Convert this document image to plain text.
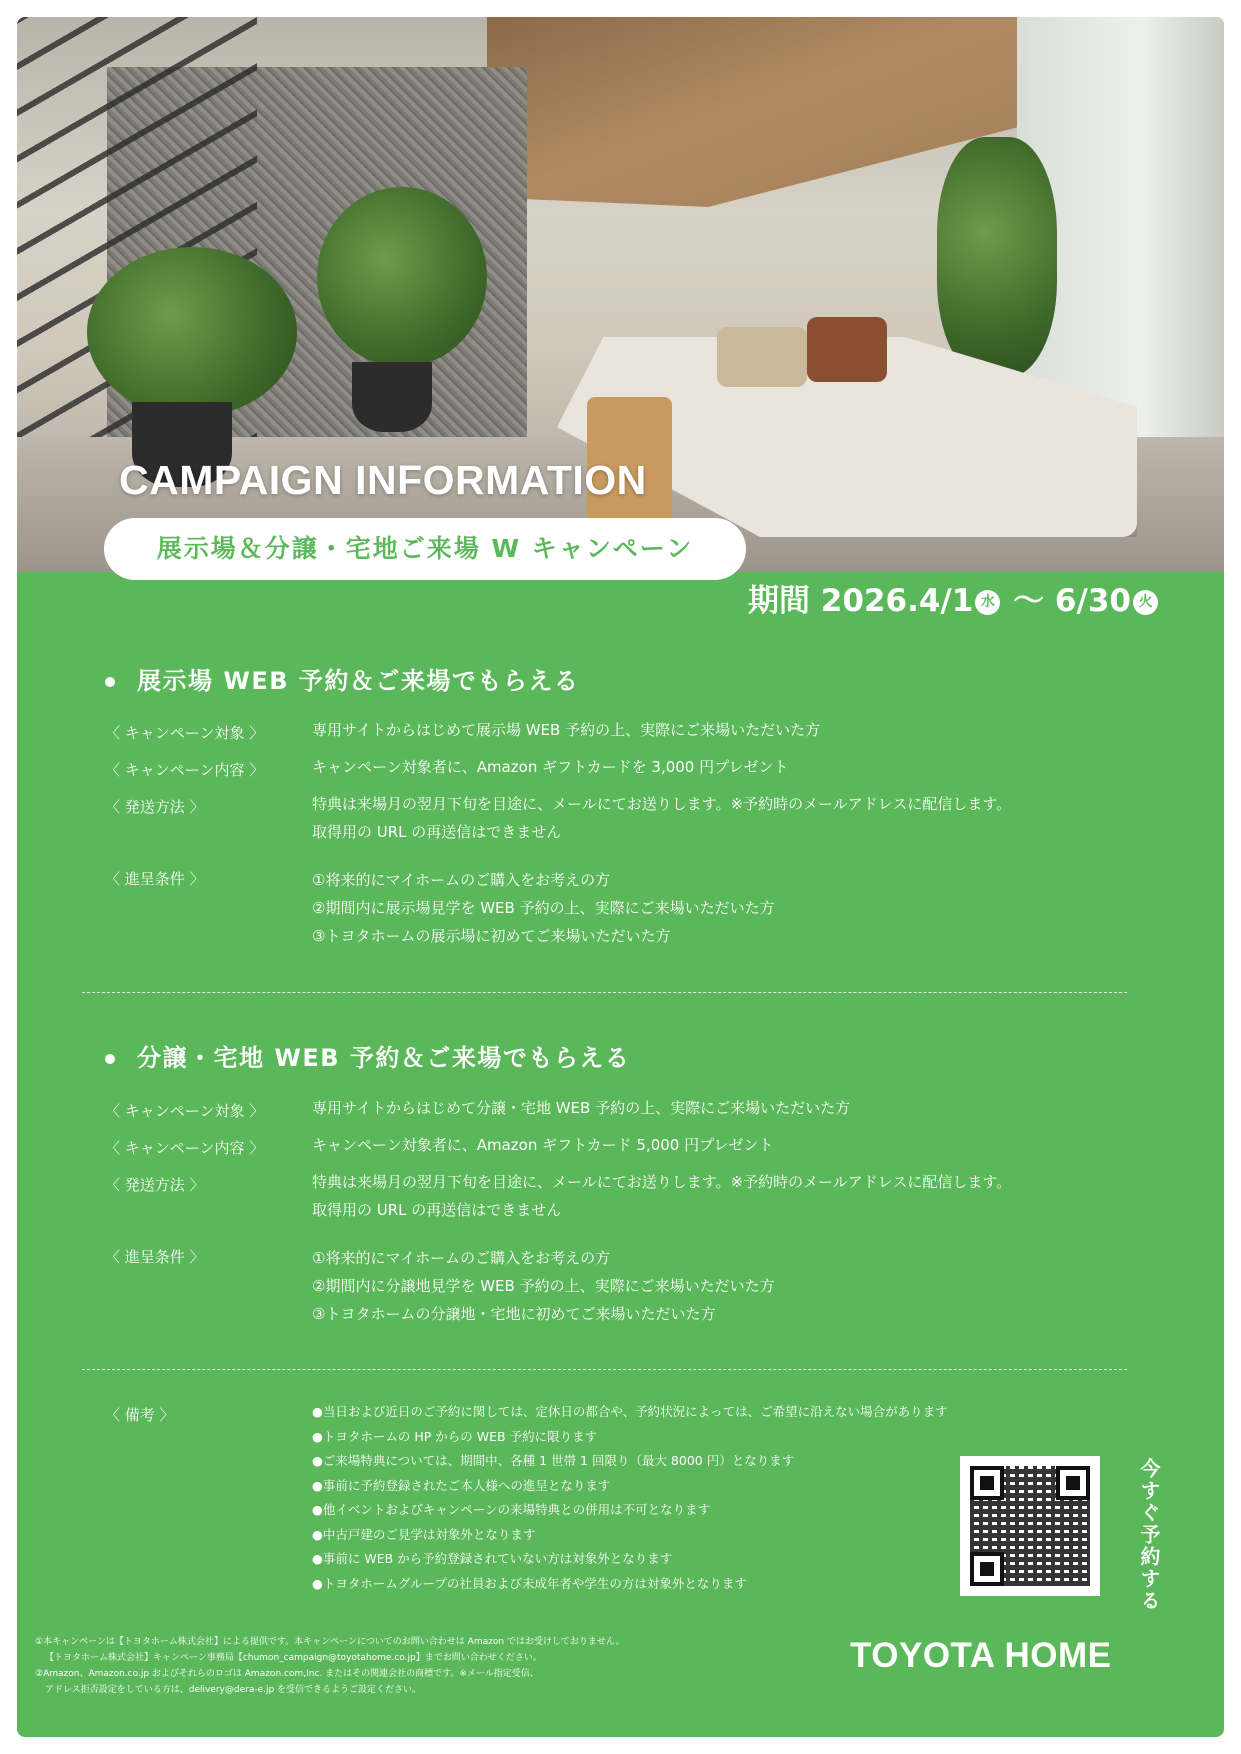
CAMPAIGN INFORMATION
展示場＆分譲・宅地ご来場 W キャンペーン
期間 2026.4/1 水 〜 6/30 火
展示場 WEB 予約＆ご来場でもらえる
〈 キャンペーン対象 〉	専用サイトからはじめて展示場 WEB 予約の上、実際にご来場いただいた方
〈 キャンペーン内容 〉	キャンペーン対象者に、Amazon ギフトカードを 3,000 円プレゼント
〈 発送方法 〉	特典は来場月の翌月下旬を目途に、メールにてお送りします。※予約時のメールアドレスに配信します。
取得用の URL の再送信はできません
〈 進呈条件 〉	①将来的にマイホームのご購入をお考えの方
②期間内に展示場見学を WEB 予約の上、実際にご来場いただいた方
③トヨタホームの展示場に初めてご来場いただいた方
分譲・宅地 WEB 予約＆ご来場でもらえる
〈 キャンペーン対象 〉	専用サイトからはじめて分譲・宅地 WEB 予約の上、実際にご来場いただいた方
〈 キャンペーン内容 〉	キャンペーン対象者に、Amazon ギフトカード 5,000 円プレゼント
〈 発送方法 〉	特典は来場月の翌月下旬を目途に、メールにてお送りします。※予約時のメールアドレスに配信します。
取得用の URL の再送信はできません
〈 進呈条件 〉	①将来的にマイホームのご購入をお考えの方
②期間内に分譲地見学を WEB 予約の上、実際にご来場いただいた方
③トヨタホームの分譲地・宅地に初めてご来場いただいた方
〈 備考 〉	●当日および近日のご予約に関しては、定休日の都合や、予約状況によっては、ご希望に沿えない場合があります
●トヨタホームの HP からの WEB 予約に限ります
●ご来場特典については、期間中、各種 1 世帯 1 回限り（最大 8000 円）となります
●事前に予約登録されたご本人様への進呈となります
●他イベントおよびキャンペーンの来場特典との併用は不可となります
●中古戸建のご見学は対象外となります
●事前に WEB から予約登録されていない方は対象外となります
●トヨタホームグループの社員および未成年者や学生の方は対象外となります	今すぐ予約する
TOYOTA HOME
①本キャンペーンは【トヨタホーム株式会社】による提供です。本キャンペーンについてのお問い合わせは Amazon ではお受けしておりません。
【トヨタホーム株式会社】キャンペーン事務局【chumon_campaign@toyotahome.co.jp】までお問い合わせください。
②Amazon、Amazon.co.jp およびそれらのロゴは Amazon.com,Inc. またはその関連会社の商標です。※メール指定受信、
アドレス拒否設定をしている方は、delivery@dera-e.jp を受信できるようご設定ください。
